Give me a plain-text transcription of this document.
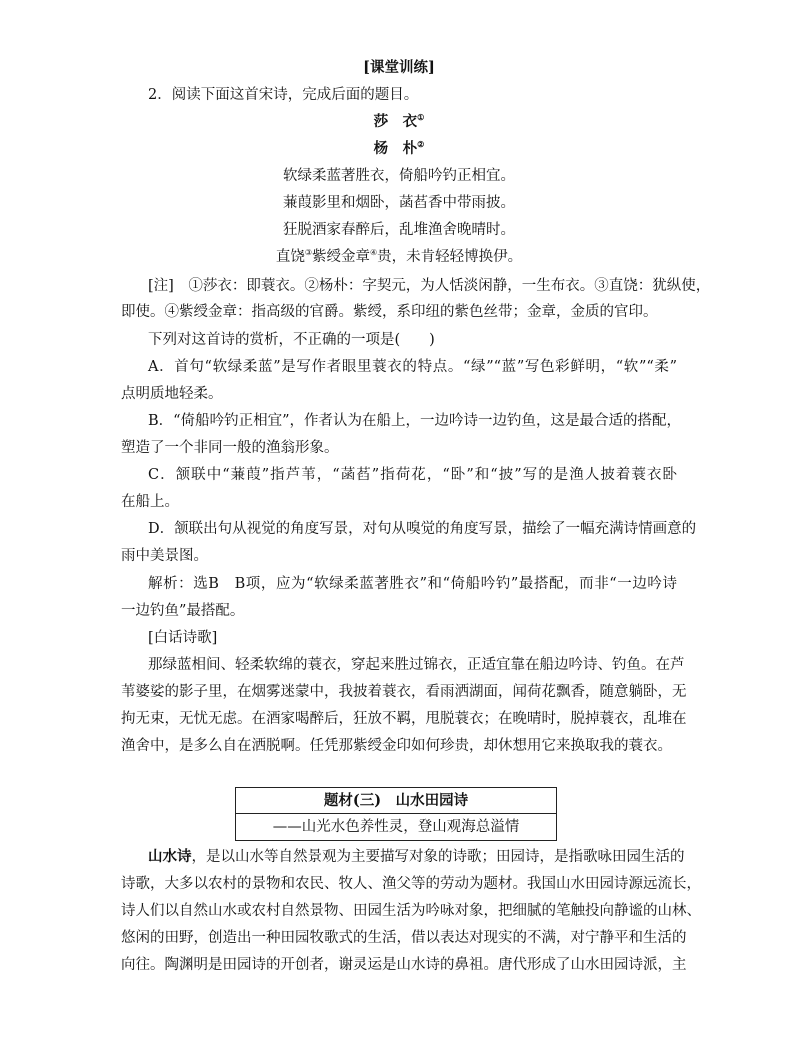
[课堂训练]
2．阅读下面这首宋诗，完成后面的题目。
莎　衣①
杨　朴②
软绿柔蓝著胜衣，倚船吟钓正相宜。
蒹葭影里和烟卧，菡萏香中带雨披。
狂脱酒家春醉后，乱堆渔舍晚晴时。
直饶③紫绶金章④贵，未肯轻轻博换伊。
[注]　①莎衣：即蓑衣。②杨朴：字契元，为人恬淡闲静，一生布衣。③直饶：犹纵使，
即使。④紫绶金章：指高级的官爵。紫绶，系印纽的紫色丝带；金章，金质的官印。
下列对这首诗的赏析，不正确的一项是(　　)
A．首句“软绿柔蓝”是写作者眼里蓑衣的特点。“绿”“蓝”写色彩鲜明，“软”“柔”
点明质地轻柔。
B．“倚船吟钓正相宜”，作者认为在船上，一边吟诗一边钓鱼，这是最合适的搭配，
塑造了一个非同一般的渔翁形象。
C．颔联中“蒹葭”指芦苇，“菡萏”指荷花，“卧”和“披”写的是渔人披着蓑衣卧
在船上。
D．颔联出句从视觉的角度写景，对句从嗅觉的角度写景，描绘了一幅充满诗情画意的
雨中美景图。
解析：选B　B项，应为“软绿柔蓝著胜衣”和“倚船吟钓”最搭配，而非“一边吟诗
一边钓鱼”最搭配。
[白话诗歌]
那绿蓝相间、轻柔软绵的蓑衣，穿起来胜过锦衣，正适宜靠在船边吟诗、钓鱼。在芦
苇婆娑的影子里，在烟雾迷蒙中，我披着蓑衣，看雨洒湖面，闻荷花飘香，随意躺卧，无
拘无束，无忧无虑。在酒家喝醉后，狂放不羁，甩脱蓑衣；在晚晴时，脱掉蓑衣，乱堆在
渔舍中，是多么自在洒脱啊。任凭那紫绶金印如何珍贵，却休想用它来换取我的蓑衣。
题材(三)　山水田园诗
——山光水色养性灵，登山观海总溢情
山水诗，是以山水等自然景观为主要描写对象的诗歌；田园诗，是指歌咏田园生活的
诗歌，大多以农村的景物和农民、牧人、渔父等的劳动为题材。我国山水田园诗源远流长，
诗人们以自然山水或农村自然景物、田园生活为吟咏对象，把细腻的笔触投向静谧的山林、
悠闲的田野，创造出一种田园牧歌式的生活，借以表达对现实的不满，对宁静平和生活的
向往。陶渊明是田园诗的开创者，谢灵运是山水诗的鼻祖。唐代形成了山水田园诗派，主
